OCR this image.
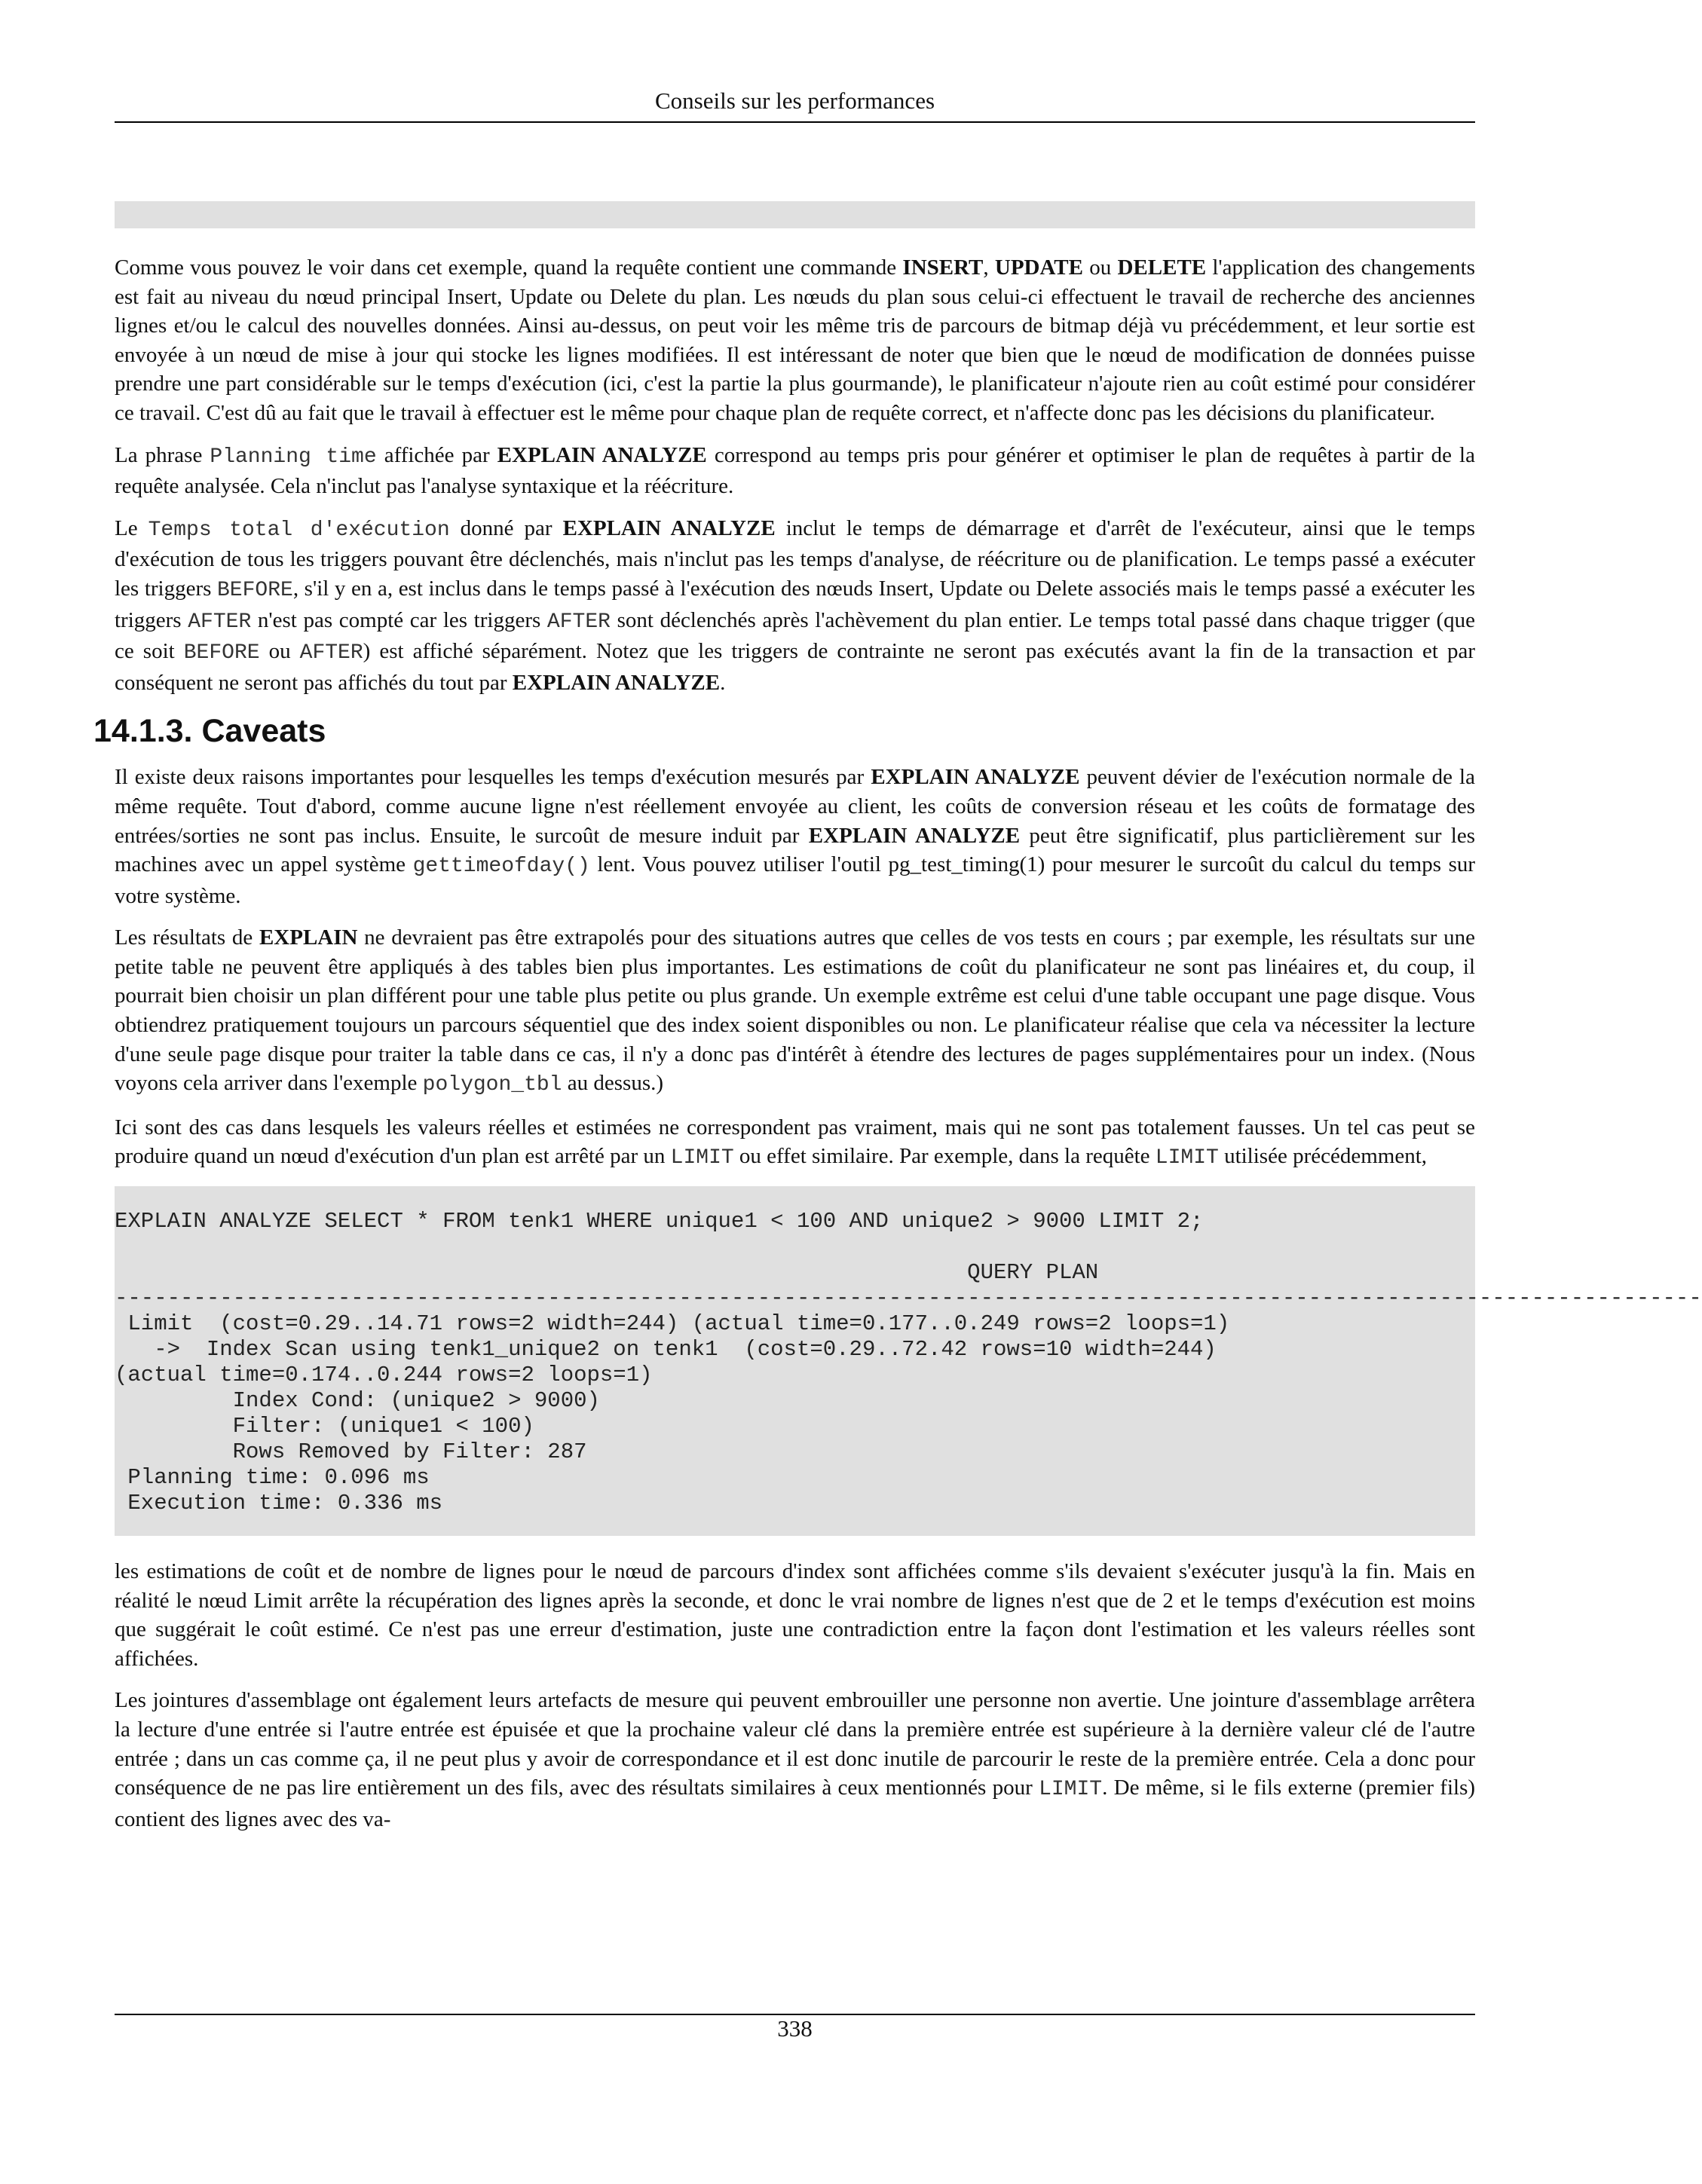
Conseils sur les performances

Comme vous pouvez le voir dans cet exemple, quand la requête contient une commande INSERT, UPDATE ou DELETE l'application des changements est fait au niveau du nœud principal Insert, Update ou Delete du plan. Les nœuds du plan sous celui-ci effectuent le travail de recherche des anciennes lignes et/ou le calcul des nouvelles données. Ainsi au-dessus, on peut voir les même tris de parcours de bitmap déjà vu précédemment, et leur sortie est envoyée à un nœud de mise à jour qui stocke les lignes modifiées. Il est intéressant de noter que bien que le nœud de modification de données puisse prendre une part considérable sur le temps d'exécution (ici, c'est la partie la plus gourmande), le planificateur n'ajoute rien au coût estimé pour considérer ce travail. C'est dû au fait que le travail à effectuer est le même pour chaque plan de requête correct, et n'affecte donc pas les décisions du planificateur.

La phrase Planning time affichée par EXPLAIN ANALYZE correspond au temps pris pour générer et optimiser le plan de requêtes à partir de la requête analysée. Cela n'inclut pas l'analyse syntaxique et la réécriture.

Le Temps total d'exécution donné par EXPLAIN ANALYZE inclut le temps de démarrage et d'arrêt de l'exécuteur, ainsi que le temps d'exécution de tous les triggers pouvant être déclenchés, mais n'inclut pas les temps d'analyse, de réécriture ou de planification. Le temps passé a exécuter les triggers BEFORE, s'il y en a, est inclus dans le temps passé à l'exécution des nœuds Insert, Update ou Delete associés mais le temps passé a exécuter les triggers AFTER n'est pas compté car les triggers AFTER sont déclenchés après l'achèvement du plan entier. Le temps total passé dans chaque trigger (que ce soit BEFORE ou AFTER) est affiché séparément. Notez que les triggers de contrainte ne seront pas exécutés avant la fin de la transaction et par conséquent ne seront pas affichés du tout par EXPLAIN ANALYZE.

14.1.3. Caveats

Il existe deux raisons importantes pour lesquelles les temps d'exécution mesurés par EXPLAIN ANALYZE peuvent dévier de l'exécution normale de la même requête. Tout d'abord, comme aucune ligne n'est réellement envoyée au client, les coûts de conversion réseau et les coûts de formatage des entrées/sorties ne sont pas inclus. Ensuite, le surcoût de mesure induit par EXPLAIN ANALYZE peut être significatif, plus particlièrement sur les machines avec un appel système gettimeofday() lent. Vous pouvez utiliser l'outil pg_test_timing(1) pour mesurer le surcoût du calcul du temps sur votre système.

Les résultats de EXPLAIN ne devraient pas être extrapolés pour des situations autres que celles de vos tests en cours ; par exemple, les résultats sur une petite table ne peuvent être appliqués à des tables bien plus importantes. Les estimations de coût du planificateur ne sont pas linéaires et, du coup, il pourrait bien choisir un plan différent pour une table plus petite ou plus grande. Un exemple extrême est celui d'une table occupant une page disque. Vous obtiendrez pratiquement toujours un parcours séquentiel que des index soient disponibles ou non. Le planificateur réalise que cela va nécessiter la lecture d'une seule page disque pour traiter la table dans ce cas, il n'y a donc pas d'intérêt à étendre des lectures de pages supplémentaires pour un index. (Nous voyons cela arriver dans l'exemple polygon_tbl au dessus.)

Ici sont des cas dans lesquels les valeurs réelles et estimées ne correspondent pas vraiment, mais qui ne sont pas totalement fausses. Un tel cas peut se produire quand un nœud d'exécution d'un plan est arrêté par un LIMIT ou effet similaire. Par exemple, dans la requête LIMIT utilisée précédemment,

EXPLAIN ANALYZE SELECT * FROM tenk1 WHERE unique1 < 100 AND unique2 > 9000 LIMIT 2;

QUERY PLAN
-------------------------------------------------------------------------------------------------------------------------
Limit  (cost=0.29..14.71 rows=2 width=244) (actual time=0.177..0.249 rows=2 loops=1)
->  Index Scan using tenk1_unique2 on tenk1  (cost=0.29..72.42 rows=10 width=244)
(actual time=0.174..0.244 rows=2 loops=1)
Index Cond: (unique2 > 9000)
Filter: (unique1 < 100)
Rows Removed by Filter: 287
Planning time: 0.096 ms
Execution time: 0.336 ms

les estimations de coût et de nombre de lignes pour le nœud de parcours d'index sont affichées comme s'ils devaient s'exécuter jusqu'à la fin. Mais en réalité le nœud Limit arrête la récupération des lignes après la seconde, et donc le vrai nombre de lignes n'est que de 2 et le temps d'exécution est moins que suggérait le coût estimé. Ce n'est pas une erreur d'estimation, juste une contradiction entre la façon dont l'estimation et les valeurs réelles sont affichées.

Les jointures d'assemblage ont également leurs artefacts de mesure qui peuvent embrouiller une personne non avertie. Une jointure d'assemblage arrêtera la lecture d'une entrée si l'autre entrée est épuisée et que la prochaine valeur clé dans la première entrée est supérieure à la dernière valeur clé de l'autre entrée ; dans un cas comme ça, il ne peut plus y avoir de correspondance et il est donc inutile de parcourir le reste de la première entrée. Cela a donc pour conséquence de ne pas lire entièrement un des fils, avec des résultats similaires à ceux mentionnés pour LIMIT. De même, si le fils externe (premier fils) contient des lignes avec des va-

338
